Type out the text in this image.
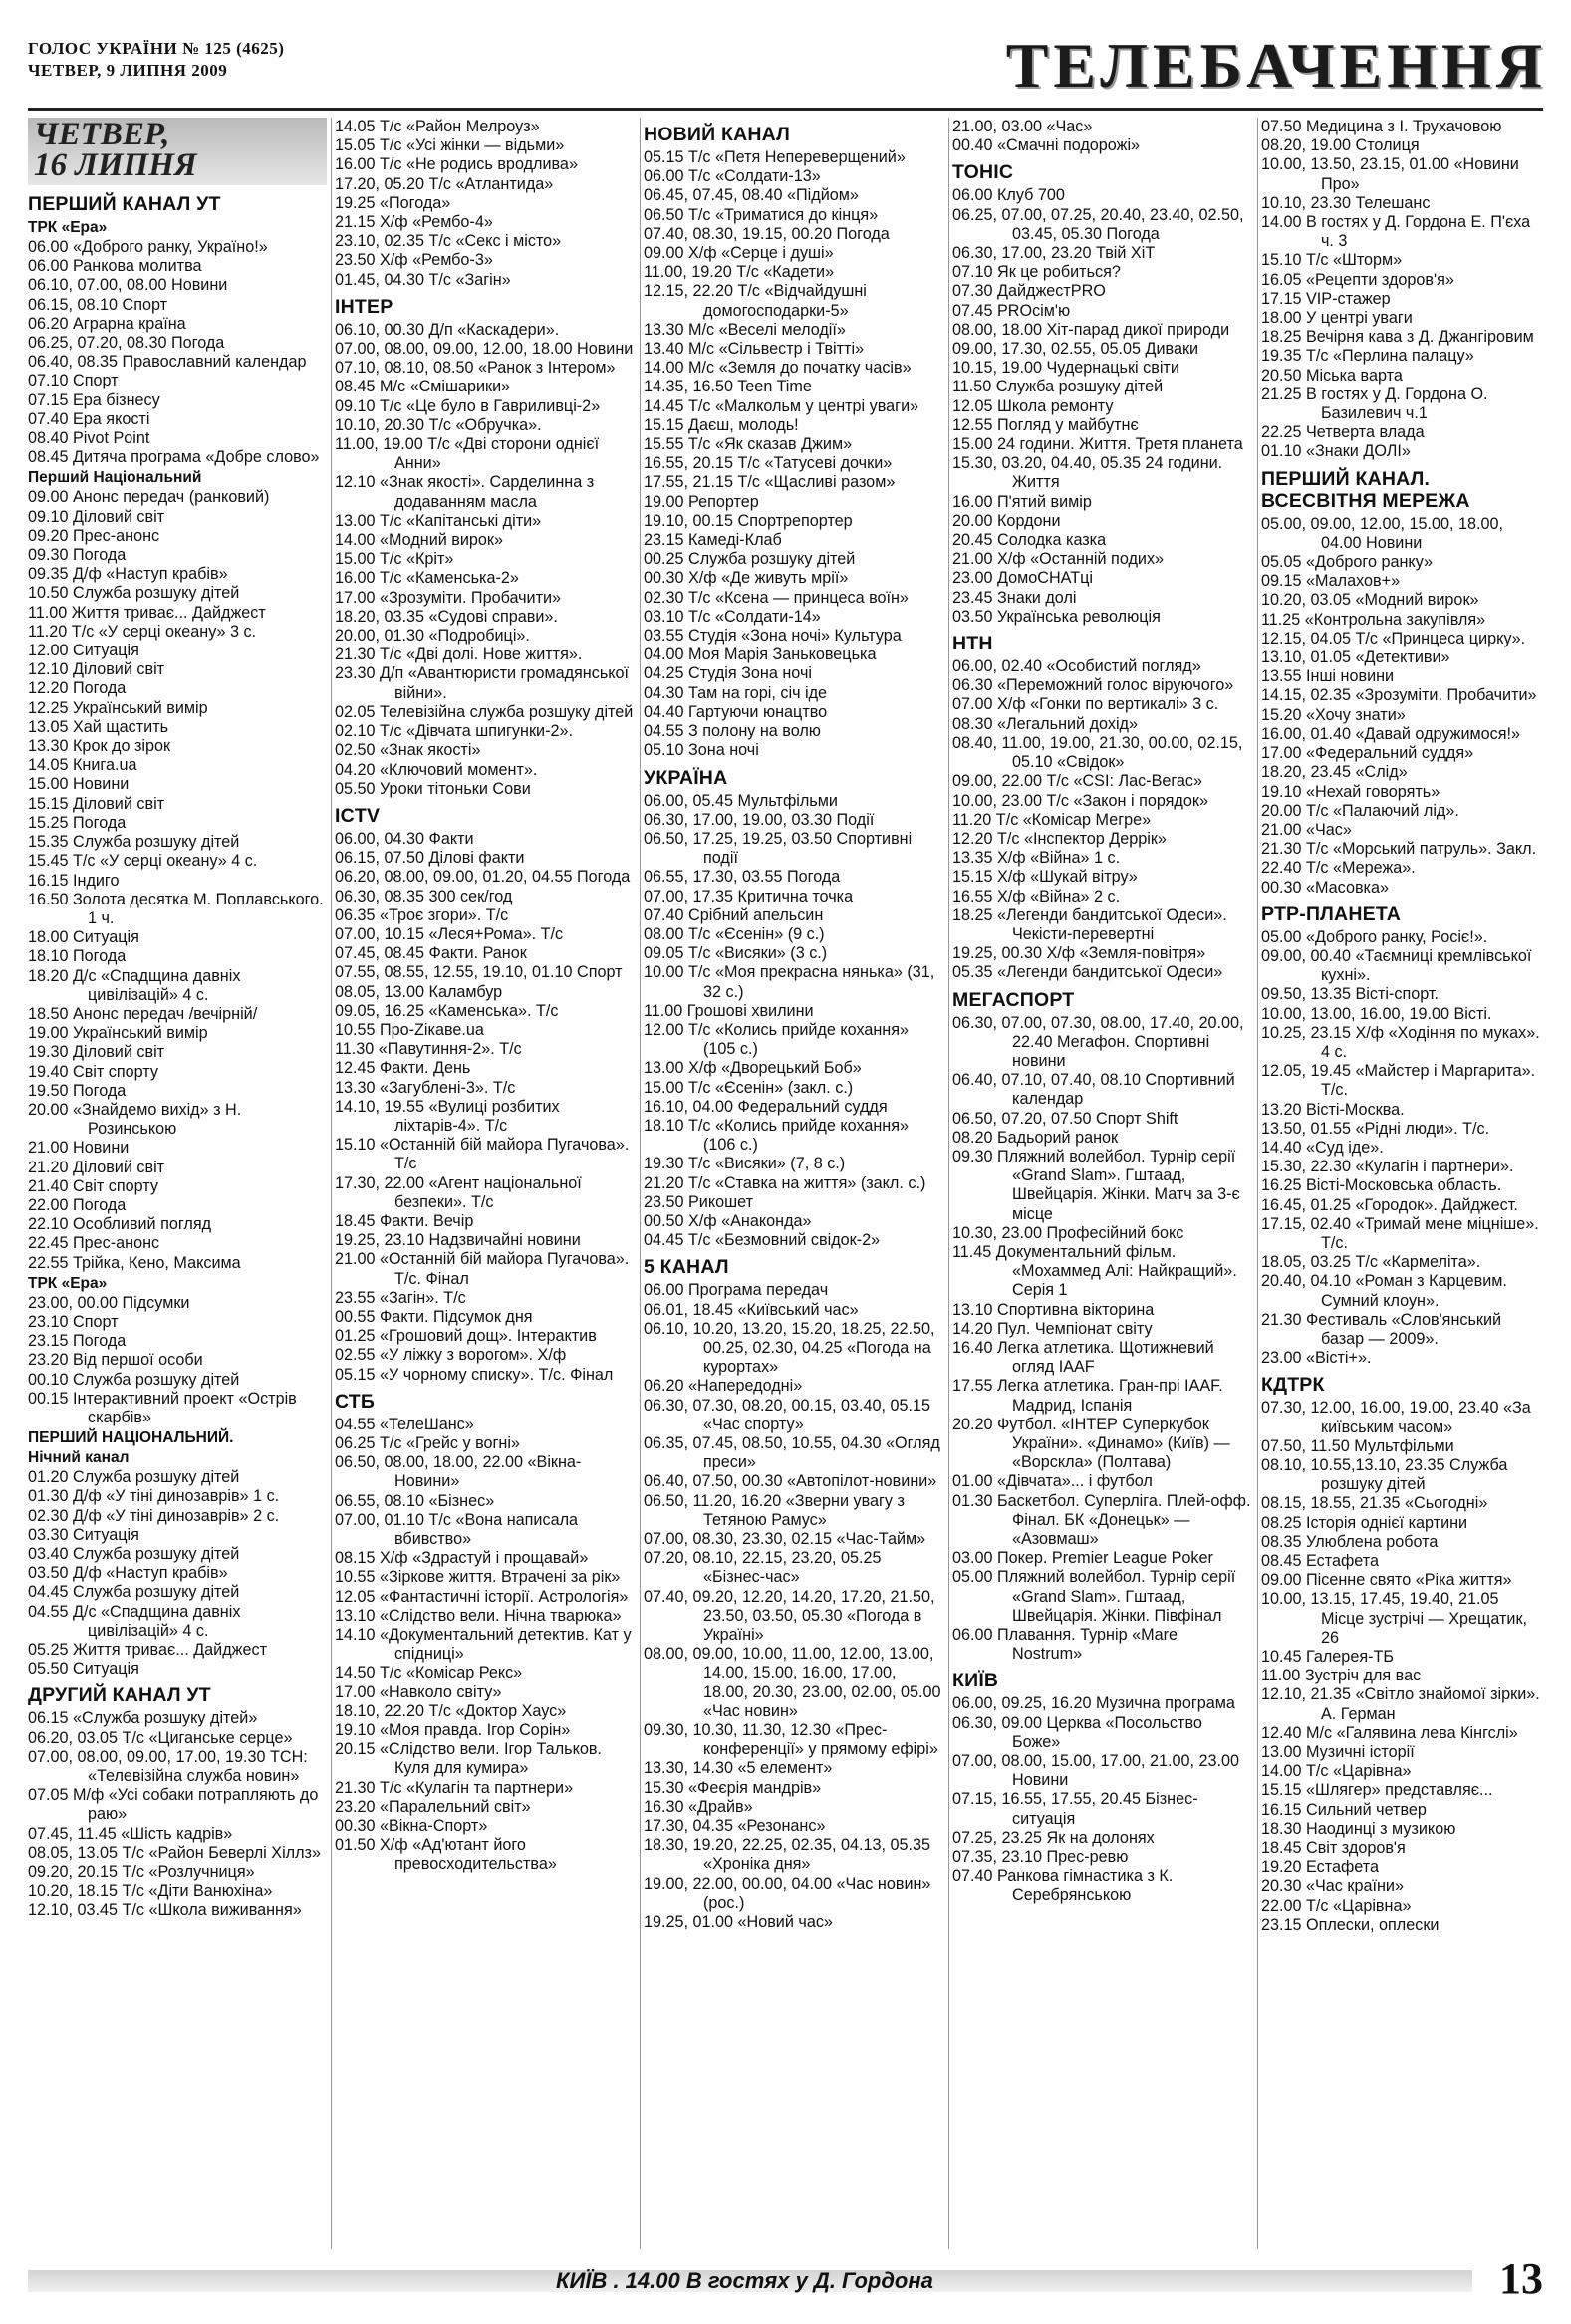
ГОЛОС УКРАЇНИ № 125 (4625)
ЧЕТВЕР, 9 ЛИПНЯ 2009	ТЕЛЕБАЧЕННЯ
ЧЕТВЕР,
16 ЛИПНЯ
ПЕРШИЙ КАНАЛ УТ
ТРК «Ера»
06.00 «Доброго ранку, Україно!»
06.00 Ранкова молитва
06.10, 07.00, 08.00 Новини
06.15, 08.10 Спорт
06.20 Аграрна країна
06.25, 07.20, 08.30 Погода
06.40, 08.35 Православний календар
07.10 Спорт
07.15 Ера бізнесу
07.40 Ера якості
08.40 Pivot Point
08.45 Дитяча програма «Добре слово»
Перший Національний
09.00 Анонс передач (ранковий)
09.10 Діловий світ
09.20 Прес-анонс
09.30 Погода
09.35 Д/ф «Наступ крабів»
10.50 Служба розшуку дітей
11.00 Життя триває... Дайджест
11.20 Т/с «У серці океану» 3 с.
12.00 Ситуація
12.10 Діловий світ
12.20 Погода
12.25 Український вимір
13.05 Хай щастить
13.30 Крок до зірок
14.05 Книга.ua
15.00 Новини
15.15 Діловий світ
15.25 Погода
15.35 Служба розшуку дітей
15.45 Т/с «У серці океану» 4 с.
16.15 Індиго
16.50 Золота десятка М. Поплавського. 1 ч.
18.00 Ситуація
18.10 Погода
18.20 Д/с «Спадщина давніх цивілізацій» 4 с.
18.50 Анонс передач /вечірній/
19.00 Український вимір
19.30 Діловий світ
19.40 Світ спорту
19.50 Погода
20.00 «Знайдемо вихід» з Н. Розинською
21.00 Новини
21.20 Діловий світ
21.40 Світ спорту
22.00 Погода
22.10 Особливий погляд
22.45 Прес-анонс
22.55 Трійка, Кено, Максима
ТРК «Ера»
23.00, 00.00 Підсумки
23.10 Спорт
23.15 Погода
23.20 Від першої особи
00.10 Служба розшуку дітей
00.15 Інтерактивний проект «Острів скарбів»
ПЕРШИЙ НАЦІОНАЛЬНИЙ.
Нічний канал
01.20 Служба розшуку дітей
01.30 Д/ф «У тіні динозаврів» 1 с.
02.30 Д/ф «У тіні динозаврів» 2 с.
03.30 Ситуація
03.40 Служба розшуку дітей
03.50 Д/ф «Наступ крабів»
04.45 Служба розшуку дітей
04.55 Д/с «Спадщина давніх цивілізацій» 4 с.
05.25 Життя триває... Дайджест
05.50 Ситуація
ДРУГИЙ КАНАЛ УТ
06.15 «Служба розшуку дітей»
06.20, 03.05 Т/с «Циганське серце»
07.00, 08.00, 09.00, 17.00, 19.30 ТСН: «Телевізійна служба новин»
07.05 М/ф «Усі собаки потрапляють до раю»
07.45, 11.45 «Шість кадрів»
08.05, 13.05 Т/с «Район Беверлі Хіллз»
09.20, 20.15 Т/с «Розлучниця»
10.20, 18.15 Т/с «Діти Ванюхіна»
12.10, 03.45 Т/с «Школа виживання»
14.05 Т/с «Район Мелроуз»
15.05 Т/с «Усі жінки — відьми»
16.00 Т/с «Не родись вродлива»
17.20, 05.20 Т/с «Атлантида»
19.25 «Погода»
21.15 Х/ф «Рембо-4»
23.10, 02.35 Т/с «Секс і місто»
23.50 Х/ф «Рембо-3»
01.45, 04.30 Т/с «Загін»
ІНТЕР
06.10, 00.30 Д/п «Каскадери».
07.00, 08.00, 09.00, 12.00, 18.00 Новини
07.10, 08.10, 08.50 «Ранок з Інтером»
08.45 М/с «Смішарики»
09.10 Т/с «Це було в Гавриливці-2»
10.10, 20.30 Т/с «Обручка».
11.00, 19.00 Т/с «Дві сторони однієї Анни»
12.10 «Знак якості». Сарделинна з додаванням масла
13.00 Т/с «Капітанські діти»
14.00 «Модний вирок»
15.00 Т/с «Кріт»
16.00 Т/с «Каменська-2»
17.00 «Зрозуміти. Пробачити»
18.20, 03.35 «Судові справи».
20.00, 01.30 «Подробиці».
21.30 Т/с «Дві долі. Нове життя».
23.30 Д/п «Авантюристи громадянської війни».
02.05 Телевізійна служба розшуку дітей
02.10 Т/с «Дівчата шпигунки-2».
02.50 «Знак якості»
04.20 «Ключовий момент».
05.50 Уроки тітоньки Сови
ICTV
06.00, 04.30 Факти
06.15, 07.50 Ділові факти
06.20, 08.00, 09.00, 01.20, 04.55 Погода
06.30, 08.35 300 сек/год
06.35 «Троє згори». Т/с
07.00, 10.15 «Леся+Рома». Т/с
07.45, 08.45 Факти. Ранок
07.55, 08.55, 12.55, 19.10, 01.10 Спорт
08.05, 13.00 Каламбур
09.05, 16.25 «Каменська». Т/с
10.55 Про-Zікаве.ua
11.30 «Павутиння-2». Т/с
12.45 Факти. День
13.30 «Загублені-3». Т/с
14.10, 19.55 «Вулиці розбитих ліхтарів-4». Т/с
15.10 «Останній бій майора Пугачова». Т/с
17.30, 22.00 «Агент національної безпеки». Т/с
18.45 Факти. Вечір
19.25, 23.10 Надзвичайні новини
21.00 «Останній бій майора Пугачова». Т/с. Фінал
23.55 «Загін». Т/с
00.55 Факти. Підсумок дня
01.25 «Грошовий дощ». Інтерактив
02.55 «У ліжку з ворогом». Х/ф
05.15 «У чорному списку». Т/с. Фінал
СТБ
04.55 «ТелеШанс»
06.25 Т/с «Грейс у вогні»
06.50, 08.00, 18.00, 22.00 «Вікна-Новини»
06.55, 08.10 «Бізнес»
07.00, 01.10 Т/с «Вона написала вбивство»
08.15 Х/ф «Здрастуй і прощавай»
10.55 «Зіркове життя. Втрачені за рік»
12.05 «Фантастичні історії. Астрологія»
13.10 «Слідство вели. Нічна тварюка»
14.10 «Документальний детектив. Кат у спідниці»
14.50 Т/с «Комісар Рекс»
17.00 «Навколо світу»
18.10, 22.20 Т/с «Доктор Хаус»
19.10 «Моя правда. Ігор Сорін»
20.15 «Слідство вели. Ігор Тальков. Куля для кумира»
21.30 Т/с «Кулагін та партнери»
23.20 «Паралельний світ»
00.30 «Вікна-Спорт»
01.50 Х/ф «Ад'ютант його превосходительства»
НОВИЙ КАНАЛ
05.15 Т/с «Петя Непереверщений»
06.00 Т/с «Солдати-13»
06.45, 07.45, 08.40 «Підйом»
06.50 Т/с «Триматися до кінця»
07.40, 08.30, 19.15, 00.20 Погода
09.00 Х/ф «Серце і душі»
11.00, 19.20 Т/с «Кадети»
12.15, 22.20 Т/с «Відчайдушні домогосподарки-5»
13.30 М/с «Веселі мелодії»
13.40 М/с «Сільвестр і Твітті»
14.00 М/с «Земля до початку часів»
14.35, 16.50 Teen Time
14.45 Т/с «Малкольм у центрі уваги»
15.15 Даєш, молодь!
15.55 Т/с «Як сказав Джим»
16.55, 20.15 Т/с «Татусеві дочки»
17.55, 21.15 Т/с «Щасливі разом»
19.00 Репортер
19.10, 00.15 Спортрепортер
23.15 Камеді-Клаб
00.25 Служба розшуку дітей
00.30 Х/ф «Де живуть мрії»
02.30 Т/с «Ксена — принцеса воїн»
03.10 Т/с «Солдати-14»
03.55 Студія «Зона ночі» Культура
04.00 Моя Марія Заньковецька
04.25 Студія Зона ночі
04.30 Там на горі, січ іде
04.40 Гартуючи юнацтво
04.55 З полону на волю
05.10 Зона ночі
УКРАЇНА
06.00, 05.45 Мультфільми
06.30, 17.00, 19.00, 03.30 Події
06.50, 17.25, 19.25, 03.50 Спортивні події
06.55, 17.30, 03.55 Погода
07.00, 17.35 Критична точка
07.40 Срібний апельсин
08.00 Т/с «Єсенін» (9 с.)
09.05 Т/с «Висяки» (3 с.)
10.00 Т/с «Моя прекрасна нянька» (31, 32 с.)
11.00 Грошові хвилини
12.00 Т/с «Колись прийде кохання» (105 с.)
13.00 Х/ф «Дворецький Боб»
15.00 Т/с «Єсенін» (закл. с.)
16.10, 04.00 Федеральний суддя
18.10 Т/с «Колись прийде кохання» (106 с.)
19.30 Т/с «Висяки» (7, 8 с.)
21.20 Т/с «Ставка на життя» (закл. с.)
23.50 Рикошет
00.50 Х/ф «Анаконда»
04.45 Т/с «Безмовний свідок-2»
5 КАНАЛ
06.00 Програма передач
06.01, 18.45 «Київський час»
06.10, 10.20, 13.20, 15.20, 18.25, 22.50, 00.25, 02.30, 04.25 «Погода на курортах»
06.20 «Напередодні»
06.30, 07.30, 08.20, 00.15, 03.40, 05.15 «Час спорту»
06.35, 07.45, 08.50, 10.55, 04.30 «Огляд преси»
06.40, 07.50, 00.30 «Автопілот-новини»
06.50, 11.20, 16.20 «Зверни увагу з Тетяною Рамус»
07.00, 08.30, 23.30, 02.15 «Час-Тайм»
07.20, 08.10, 22.15, 23.20, 05.25 «Бізнес-час»
07.40, 09.20, 12.20, 14.20, 17.20, 21.50, 23.50, 03.50, 05.30 «Погода в Україні»
08.00, 09.00, 10.00, 11.00, 12.00, 13.00, 14.00, 15.00, 16.00, 17.00, 18.00, 20.30, 23.00, 02.00, 05.00 «Час новин»
09.30, 10.30, 11.30, 12.30 «Прес-конференції» у прямому ефірі»
13.30, 14.30 «5 елемент»
15.30 «Феєрія мандрів»
16.30 «Драйв»
17.30, 04.35 «Резонанс»
18.30, 19.20, 22.25, 02.35, 04.13, 05.35 «Хроніка дня»
19.00, 22.00, 00.00, 04.00 «Час новин» (рос.)
19.25, 01.00 «Новий час»
21.00, 03.00 «Час»
00.40 «Смачні подорожі»
ТОНІС
06.00 Клуб 700
06.25, 07.00, 07.25, 20.40, 23.40, 02.50, 03.45, 05.30 Погода
06.30, 17.00, 23.20 Твій ХіТ
07.10 Як це робиться?
07.30 ДайджестPRO
07.45 PROсім'ю
08.00, 18.00 Хіт-парад дикої природи
09.00, 17.30, 02.55, 05.05 Диваки
10.15, 19.00 Чудернацькі світи
11.50 Служба розшуку дітей
12.05 Школа ремонту
12.55 Погляд у майбутнє
15.00 24 години. Життя. Третя планета
15.30, 03.20, 04.40, 05.35 24 години. Життя
16.00 П'ятий вимір
20.00 Кордони
20.45 Солодка казка
21.00 Х/ф «Останній подих»
23.00 ДомоСНАТці
23.45 Знаки долі
03.50 Українська революція
НТН
06.00, 02.40 «Особистий погляд»
06.30 «Переможний голос віруючого»
07.00 Х/ф «Гонки по вертикалі» 3 с.
08.30 «Легальний дохід»
08.40, 11.00, 19.00, 21.30, 00.00, 02.15, 05.10 «Свідок»
09.00, 22.00 Т/с «CSI: Лас-Вегас»
10.00, 23.00 Т/с «Закон і порядок»
11.20 Т/с «Комісар Мегре»
12.20 Т/с «Інспектор Деррік»
13.35 Х/ф «Війна» 1 с.
15.15 Х/ф «Шукай вітру»
16.55 Х/ф «Війна» 2 с.
18.25 «Легенди бандитської Одеси». Чекісти-перевертні
19.25, 00.30 Х/ф «Земля-повітря»
05.35 «Легенди бандитської Одеси»
МЕГАСПОРТ
06.30, 07.00, 07.30, 08.00, 17.40, 20.00, 22.40 Мегафон. Спортивні новини
06.40, 07.10, 07.40, 08.10 Спортивний календар
06.50, 07.20, 07.50 Спорт Shift
08.20 Бадьорий ранок
09.30 Пляжний волейбол. Турнір серії «Grand Slam». Гштаад, Швейцарія. Жінки. Матч за 3-є місце
10.30, 23.00 Професійний бокс
11.45 Документальний фільм. «Мохаммед Алі: Найкращий». Серія 1
13.10 Спортивна вікторина
14.20 Пул. Чемпіонат світу
16.40 Легка атлетика. Щотижневий огляд IAAF
17.55 Легка атлетика. Гран-прі IAAF. Мадрид, Іспанія
20.20 Футбол. «ІНТЕР Суперкубок України». «Динамо» (Київ) — «Ворскла» (Полтава)
01.00 «Дівчата»... і футбол
01.30 Баскетбол. Суперліга. Плей-офф. Фінал. БК «Донецьк» — «Азовмаш»
03.00 Покер. Premier League Poker
05.00 Пляжний волейбол. Турнір серії «Grand Slam». Гштаад, Швейцарія. Жінки. Півфінал
06.00 Плавання. Турнір «Mare Nostrum»
КИЇВ
06.00, 09.25, 16.20 Музична програма
06.30, 09.00 Церква «Посольство Боже»
07.00, 08.00, 15.00, 17.00, 21.00, 23.00 Новини
07.15, 16.55, 17.55, 20.45 Бізнес-ситуація
07.25, 23.25 Як на долонях
07.35, 23.10 Прес-ревю
07.40 Ранкова гімнастика з К. Серебрянською
07.50 Медицина з І. Трухачовою
08.20, 19.00 Столиця
10.00, 13.50, 23.15, 01.00 «Новини Про»
10.10, 23.30 Телешанс
14.00 В гостях у Д. Гордона Е. П'єха ч. 3
15.10 Т/с «Шторм»
16.05 «Рецепти здоров'я»
17.15 VIP-стажер
18.00 У центрі уваги
18.25 Вечірня кава з Д. Джангіровим
19.35 Т/с «Перлина палацу»
20.50 Міська варта
21.25 В гостях у Д. Гордона О. Базилевич ч.1
22.25 Четверта влада
01.10 «Знаки ДОЛІ»
ПЕРШИЙ КАНАЛ. ВСЕСВІТНЯ МЕРЕЖА
05.00, 09.00, 12.00, 15.00, 18.00, 04.00 Новини
05.05 «Доброго ранку»
09.15 «Малахов+»
10.20, 03.05 «Модний вирок»
11.25 «Контрольна закупівля»
12.15, 04.05 Т/с «Принцеса цирку».
13.10, 01.05 «Детективи»
13.55 Інші новини
14.15, 02.35 «Зрозуміти. Пробачити»
15.20 «Хочу знати»
16.00, 01.40 «Давай одружимося!»
17.00 «Федеральний суддя»
18.20, 23.45 «Слід»
19.10 «Нехай говорять»
20.00 Т/с «Палаючий лід».
21.00 «Час»
21.30 Т/с «Морський патруль». Закл.
22.40 Т/с «Мережа».
00.30 «Масовка»
РТР-ПЛАНЕТА
05.00 «Доброго ранку, Росіє!».
09.00, 00.40 «Таємниці кремлівської кухні».
09.50, 13.35 Вісті-спорт.
10.00, 13.00, 16.00, 19.00 Вісті.
10.25, 23.15 Х/ф «Ходіння по муках». 4 с.
12.05, 19.45 «Майстер і Маргарита». Т/с.
13.20 Вісті-Москва.
13.50, 01.55 «Рідні люди». Т/с.
14.40 «Суд іде».
15.30, 22.30 «Кулагін і партнери».
16.25 Вісті-Московська область.
16.45, 01.25 «Городок». Дайджест.
17.15, 02.40 «Тримай мене міцніше». Т/с.
18.05, 03.25 Т/с «Кармеліта».
20.40, 04.10 «Роман з Карцевим. Сумний клоун».
21.30 Фестиваль «Слов'янський базар — 2009».
23.00 «Вісті+».
КДТРК
07.30, 12.00, 16.00, 19.00, 23.40 «За київським часом»
07.50, 11.50 Мультфільми
08.10, 10.55,13.10, 23.35 Служба розшуку дітей
08.15, 18.55, 21.35 «Сьогодні»
08.25 Історія однієї картини
08.35 Улюблена робота
08.45 Естафета
09.00 Пісенне свято «Ріка життя»
10.00, 13.15, 17.45, 19.40, 21.05 Місце зустрічі — Хрещатик, 26
10.45 Галерея-ТБ
11.00 Зустріч для вас
12.10, 21.35 «Світло знайомої зірки». А. Герман
12.40 М/с «Галявина лева Кінгслі»
13.00 Музичні історії
14.00 Т/с «Царівна»
15.15 «Шлягер» представляє...
16.15 Сильний четвер
18.30 Наодинці з музикою
18.45 Світ здоров'я
19.20 Естафета
20.30 «Час країни»
22.00 Т/с «Царівна»
23.15 Оплески, оплески
КИЇВ . 14.00 В гостях у Д. Гордона	13
